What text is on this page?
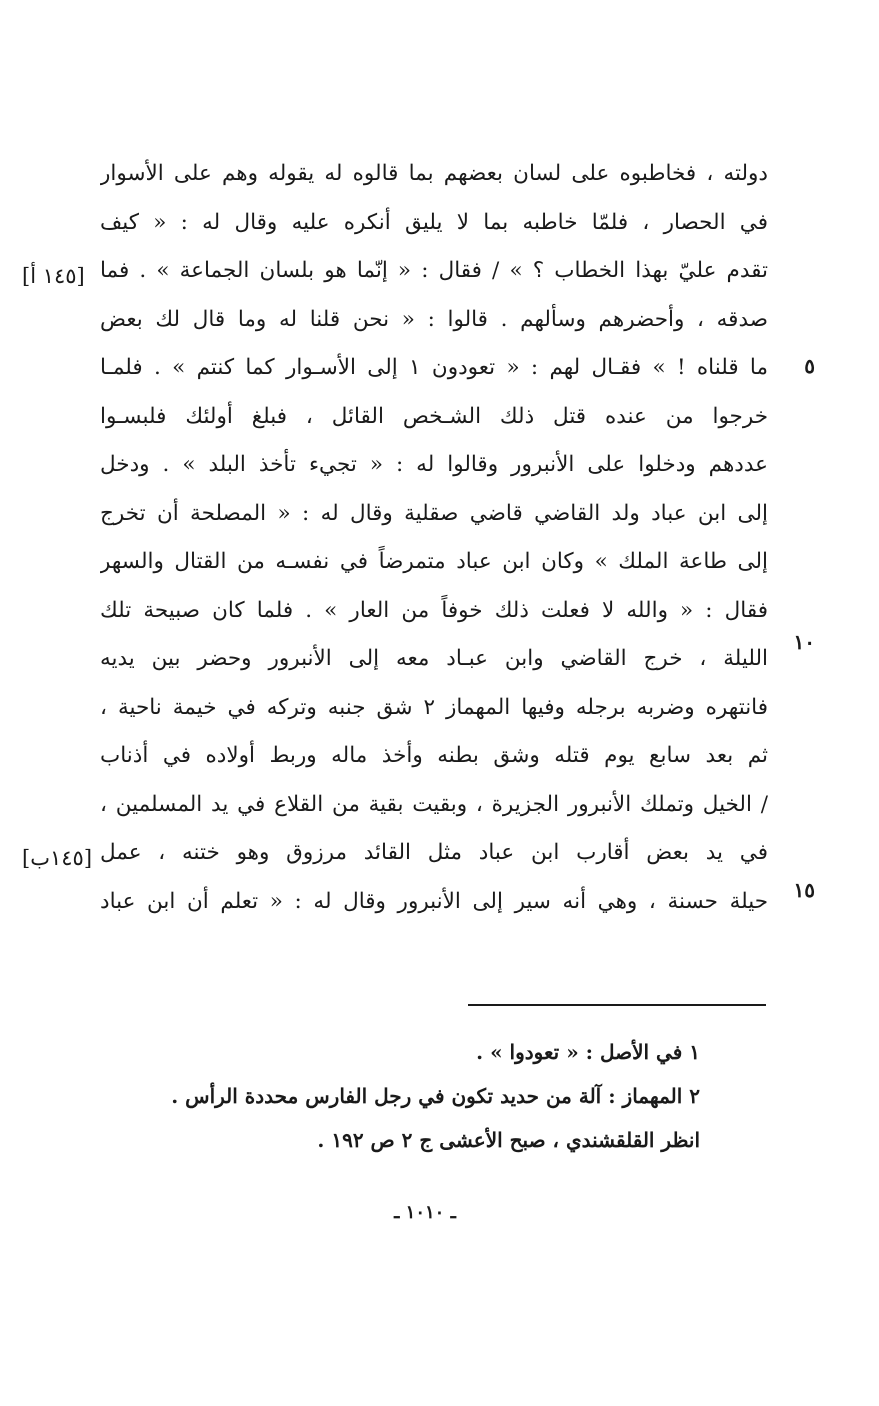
دولته ، فخاطبوه على لسان بعضهم بما قالوه له يقوله وهم على الأسوار
في الحصار ، فلمّا خاطبه بما لا يليق أنكره عليه وقال له : « كيف
تقدم عليّ بهذا الخطاب ؟ » / فقال : « إنّما هو بلسان الجماعة » . فما
صدقه ، وأحضرهم وسألهم . قالوا : « نحن قلنا له وما قال لك بعض
ما قلناه ! » فقـال لهم : « تعودون ١ إلى الأسـوار كما كنتم » . فلمـا
خرجوا من عنده قتل ذلك الشـخص القائل ، فبلغ أولئك فلبسـوا
عددهم ودخلوا على الأنبرور وقالوا له : « تجيء تأخذ البلد » . ودخل
إلى ابن عباد ولد القاضي قاضي صقلية وقال له : « المصلحة أن تخرج
إلى طاعة الملك » وكان ابن عباد متمرضاً في نفسـه من القتال والسهر
فقال : « والله لا فعلت ذلك خوفاً من العار » . فلما كان صبيحة تلك
الليلة ، خرج القاضي وابن عبـاد معه إلى الأنبرور وحضر بين يديه
فانتهره وضربه برجله وفيها المهماز ٢ شق جنبه وتركه في خيمة ناحية ،
ثم بعد سابع يوم قتله وشق بطنه وأخذ ماله وربط أولاده في أذناب
/ الخيل وتملك الأنبرور الجزيرة ، وبقيت بقية من القلاع في يد المسلمين ،
في يد بعض أقارب ابن عباد مثل القائد مرزوق وهو ختنه ، عمل
حيلة حسنة ، وهي أنه سير إلى الأنبرور وقال له : « تعلم أن ابن عباد
٥
١٠
١٥
[١٤٥ أ]
[١٤٥ب]
١ في الأصل : « تعودوا » .
٢ المهماز : آلة من حديد تكون في رجل الفارس محددة الرأس .
انظر القلقشندي ، صبح الأعشى ج ٢ ص ١٩٢ .
ـ ١٠١٠ ـ
